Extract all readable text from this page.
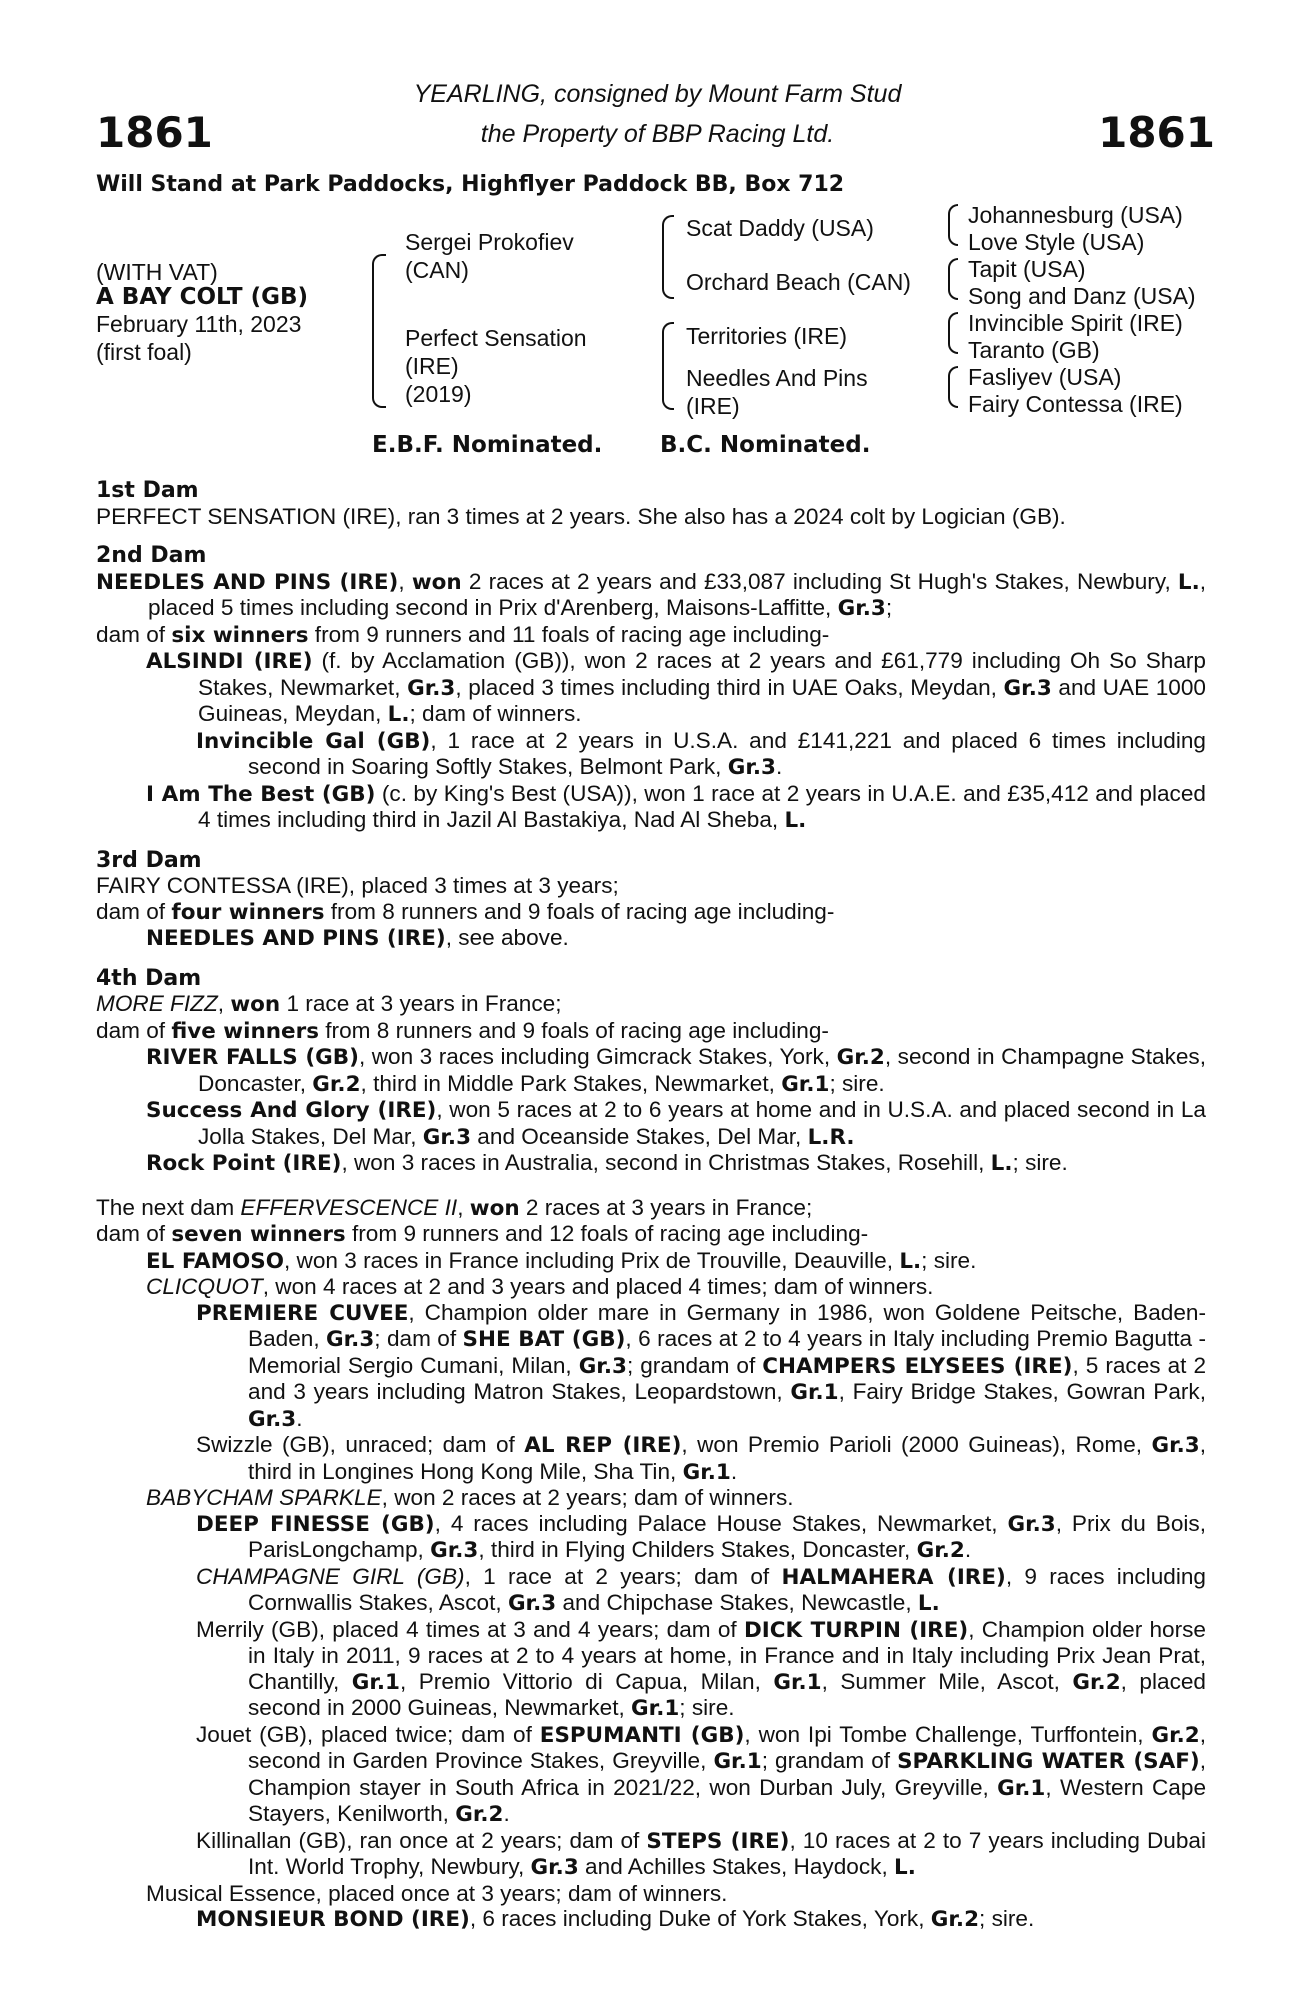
1861	1861
YEARLING, consigned by Mount Farm Stud
the Property of BBP Racing Ltd.
Will Stand at Park Paddocks, Highflyer Paddock BB, Box 712
(WITH VAT)
A BAY COLT (GB)
February 11th, 2023
(first foal)
Sergei Prokofiev
(CAN)
Perfect Sensation
(IRE)
(2019)
Scat Daddy (USA)
Orchard Beach (CAN)
Territories (IRE)
Needles And Pins
(IRE)
Johannesburg (USA)
Love Style (USA)
Tapit (USA)
Song and Danz (USA)
Invincible Spirit (IRE)
Taranto (GB)
Fasliyev (USA)
Fairy Contessa (IRE)
E.B.F. Nominated.	B.C. Nominated.

1st Dam

PERFECT SENSATION (IRE), ran 3 times at 2 years. She also has a 2024 colt by Logician (GB).

2nd Dam

NEEDLES AND PINS (IRE), won 2 races at 2 years and £33,087 including St Hugh's Stakes, Newbury, L., placed 5 times including second in Prix d'Arenberg, Maisons-Laffitte, Gr.3;

dam of six winners from 9 runners and 11 foals of racing age including-

ALSINDI (IRE) (f. by Acclamation (GB)), won 2 races at 2 years and £61,779 including Oh So Sharp Stakes, Newmarket, Gr.3, placed 3 times including third in UAE Oaks, Meydan, Gr.3 and UAE 1000 Guineas, Meydan, L.; dam of winners.

Invincible Gal (GB), 1 race at 2 years in U.S.A. and £141,221 and placed 6 times including second in Soaring Softly Stakes, Belmont Park, Gr.3.

I Am The Best (GB) (c. by King's Best (USA)), won 1 race at 2 years in U.A.E. and £35,412 and placed 4 times including third in Jazil Al Bastakiya, Nad Al Sheba, L.

3rd Dam

FAIRY CONTESSA (IRE), placed 3 times at 3 years;

dam of four winners from 8 runners and 9 foals of racing age including-

NEEDLES AND PINS (IRE), see above.

4th Dam

MORE FIZZ, won 1 race at 3 years in France;

dam of five winners from 8 runners and 9 foals of racing age including-

RIVER FALLS (GB), won 3 races including Gimcrack Stakes, York, Gr.2, second in Champagne Stakes, Doncaster, Gr.2, third in Middle Park Stakes, Newmarket, Gr.1; sire.

Success And Glory (IRE), won 5 races at 2 to 6 years at home and in U.S.A. and placed second in La Jolla Stakes, Del Mar, Gr.3 and Oceanside Stakes, Del Mar, L.R.

Rock Point (IRE), won 3 races in Australia, second in Christmas Stakes, Rosehill, L.; sire.

The next dam EFFERVESCENCE II, won 2 races at 3 years in France;

dam of seven winners from 9 runners and 12 foals of racing age including-

EL FAMOSO, won 3 races in France including Prix de Trouville, Deauville, L.; sire.

CLICQUOT, won 4 races at 2 and 3 years and placed 4 times; dam of winners.

PREMIERE CUVEE, Champion older mare in Germany in 1986, won Goldene Peitsche, Baden-Baden, Gr.3; dam of SHE BAT (GB), 6 races at 2 to 4 years in Italy including Premio Bagutta - Memorial Sergio Cumani, Milan, Gr.3; grandam of CHAMPERS ELYSEES (IRE), 5 races at 2 and 3 years including Matron Stakes, Leopardstown, Gr.1, Fairy Bridge Stakes, Gowran Park, Gr.3.

Swizzle (GB), unraced; dam of AL REP (IRE), won Premio Parioli (2000 Guineas), Rome, Gr.3, third in Longines Hong Kong Mile, Sha Tin, Gr.1.

BABYCHAM SPARKLE, won 2 races at 2 years; dam of winners.

DEEP FINESSE (GB), 4 races including Palace House Stakes, Newmarket, Gr.3, Prix du Bois, ParisLongchamp, Gr.3, third in Flying Childers Stakes, Doncaster, Gr.2.

CHAMPAGNE GIRL (GB), 1 race at 2 years; dam of HALMAHERA (IRE), 9 races including Cornwallis Stakes, Ascot, Gr.3 and Chipchase Stakes, Newcastle, L.

Merrily (GB), placed 4 times at 3 and 4 years; dam of DICK TURPIN (IRE), Champion older horse in Italy in 2011, 9 races at 2 to 4 years at home, in France and in Italy including Prix Jean Prat, Chantilly, Gr.1, Premio Vittorio di Capua, Milan, Gr.1, Summer Mile, Ascot, Gr.2, placed second in 2000 Guineas, Newmarket, Gr.1; sire.

Jouet (GB), placed twice; dam of ESPUMANTI (GB), won Ipi Tombe Challenge, Turffontein, Gr.2, second in Garden Province Stakes, Greyville, Gr.1; grandam of SPARKLING WATER (SAF), Champion stayer in South Africa in 2021/22, won Durban July, Greyville, Gr.1, Western Cape Stayers, Kenilworth, Gr.2.

Killinallan (GB), ran once at 2 years; dam of STEPS (IRE), 10 races at 2 to 7 years including Dubai Int. World Trophy, Newbury, Gr.3 and Achilles Stakes, Haydock, L.

Musical Essence, placed once at 3 years; dam of winners.

MONSIEUR BOND (IRE), 6 races including Duke of York Stakes, York, Gr.2; sire.
